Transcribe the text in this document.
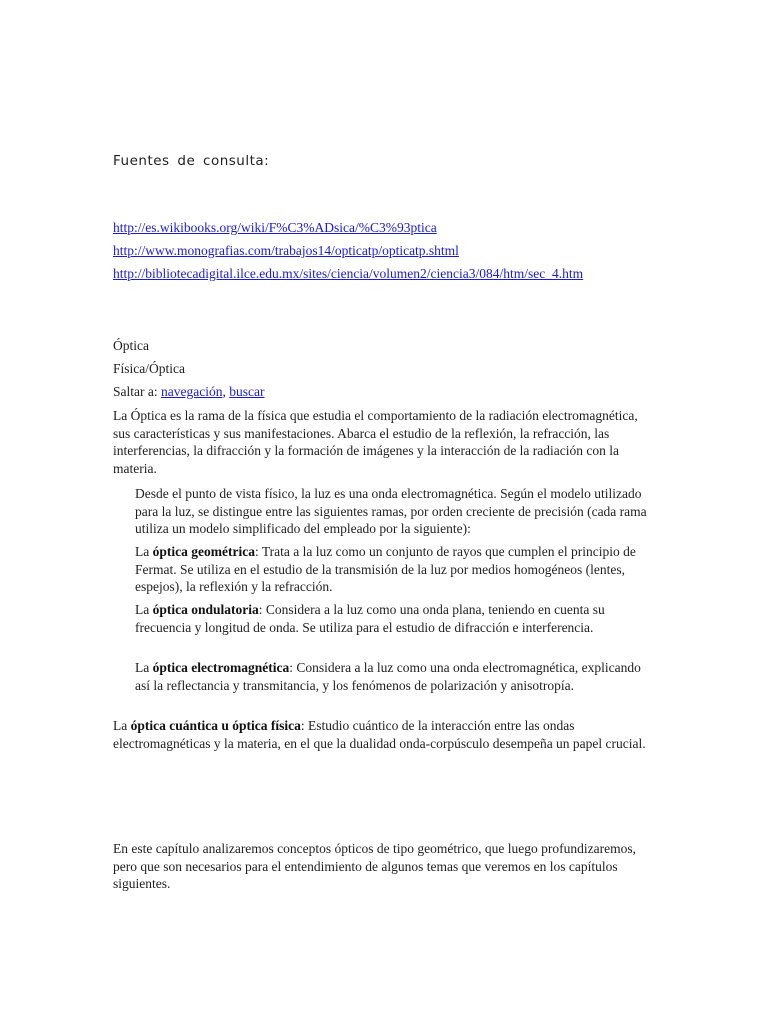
Fuentes de consulta:
http://es.wikibooks.org/wiki/F%C3%ADsica/%C3%93ptica
http://www.monografias.com/trabajos14/opticatp/opticatp.shtml
http://bibliotecadigital.ilce.edu.mx/sites/ciencia/volumen2/ciencia3/084/htm/sec_4.htm
Óptica
Física/Óptica
Saltar a: navegación, buscar

La Óptica es la rama de la física que estudia el comportamiento de la radiación electromagnética, sus características y sus manifestaciones. Abarca el estudio de la reflexión, la refracción, las interferencias, la difracción y la formación de imágenes y la interacción de la radiación con la materia.

Desde el punto de vista físico, la luz es una onda electromagnética. Según el modelo utilizado para la luz, se distingue entre las siguientes ramas, por orden creciente de precisión (cada rama utiliza un modelo simplificado del empleado por la siguiente):

La óptica geométrica: Trata a la luz como un conjunto de rayos que cumplen el principio de Fermat. Se utiliza en el estudio de la transmisión de la luz por medios homogéneos (lentes, espejos), la reflexión y la refracción.

La óptica ondulatoria: Considera a la luz como una onda plana, teniendo en cuenta su frecuencia y longitud de onda. Se utiliza para el estudio de difracción e interferencia.

La óptica electromagnética: Considera a la luz como una onda electromagnética, explicando así la reflectancia y transmitancia, y los fenómenos de polarización y anisotropía.

La óptica cuántica u óptica física: Estudio cuántico de la interacción entre las ondas electromagnéticas y la materia, en el que la dualidad onda-corpúsculo desempeña un papel crucial.

En este capítulo analizaremos conceptos ópticos de tipo geométrico, que luego profundizaremos, pero que son necesarios para el entendimiento de algunos temas que veremos en los capítulos siguientes.
